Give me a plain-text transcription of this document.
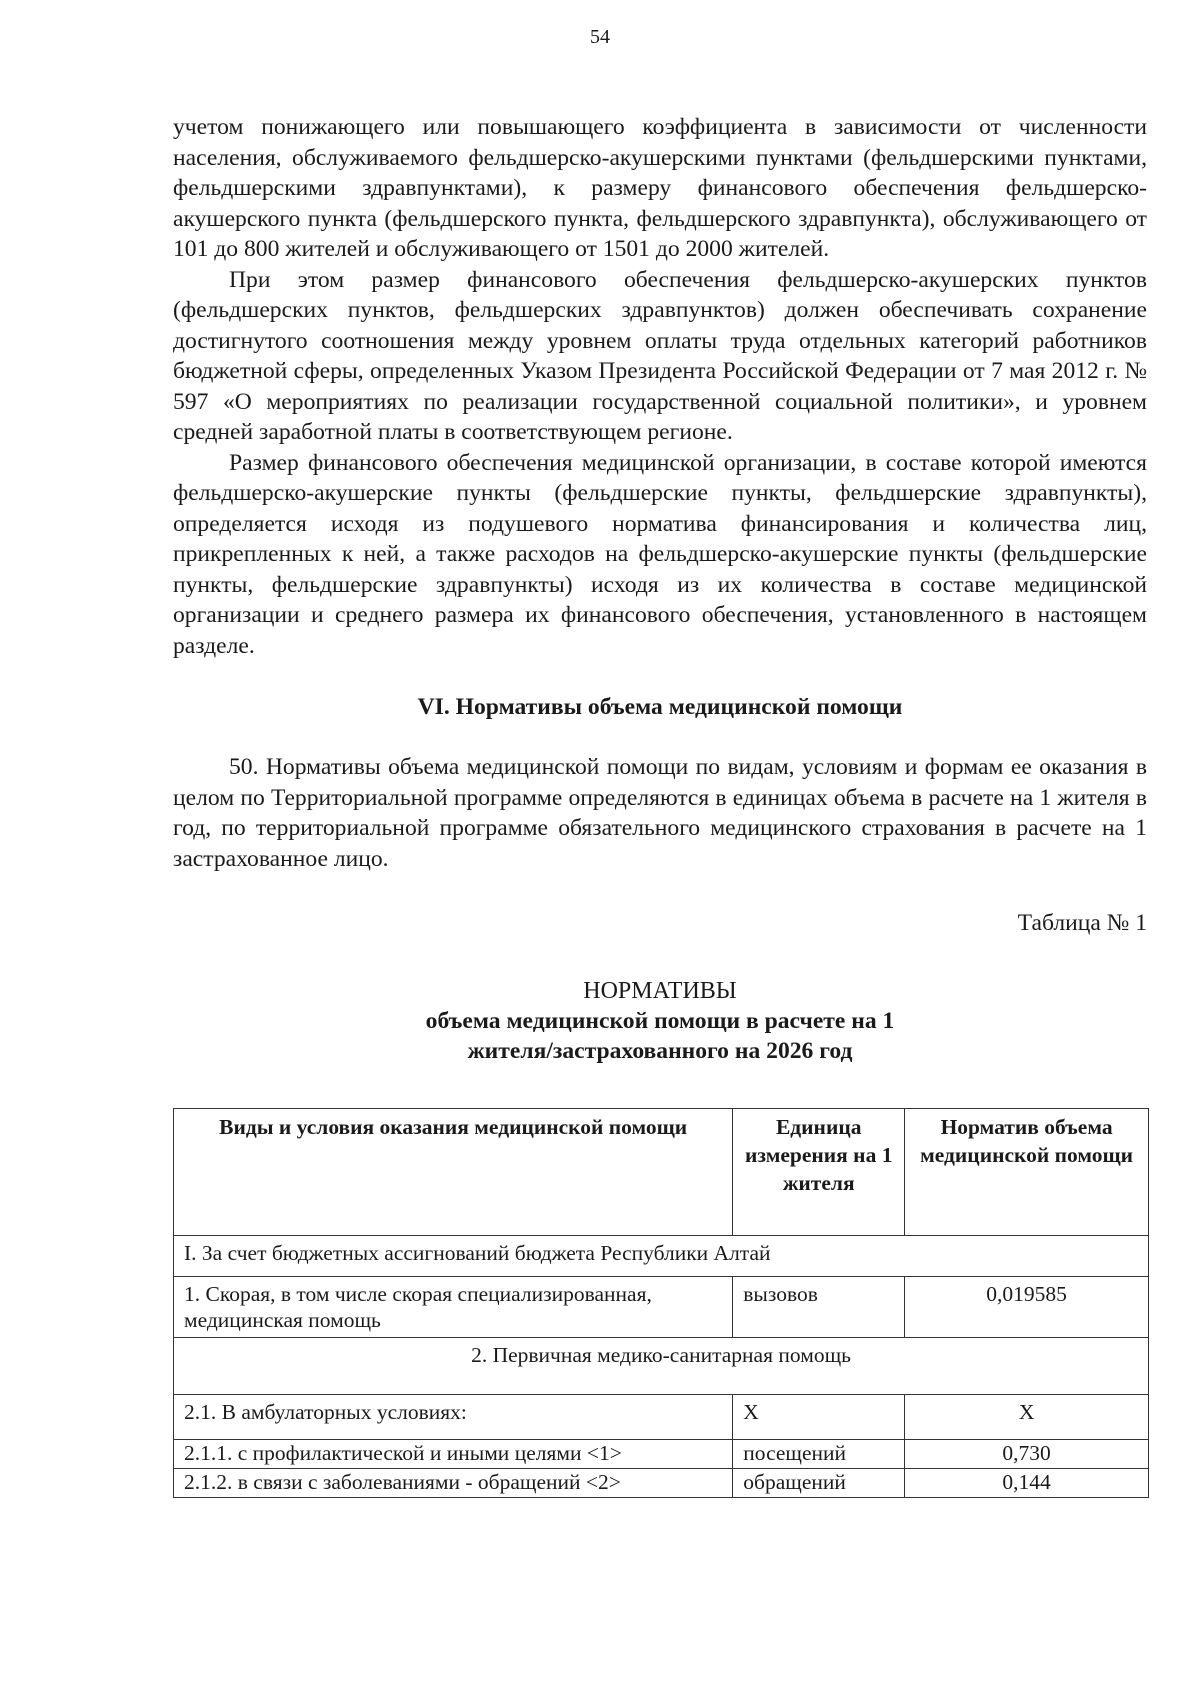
54

учетом понижающего или повышающего коэффициента в зависимости от численности населения, обслуживаемого фельдшерско-акушерскими пунктами (фельдшерскими пунктами, фельдшерскими здравпунктами), к размеру финансового обеспечения фельдшерско-акушерского пункта (фельдшерского пункта, фельдшерского здравпункта), обслуживающего от 101 до 800 жителей и обслуживающего от 1501 до 2000 жителей.

При этом размер финансового обеспечения фельдшерско-акушерских пунктов (фельдшерских пунктов, фельдшерских здравпунктов) должен обеспечивать сохранение достигнутого соотношения между уровнем оплаты труда отдельных категорий работников бюджетной сферы, определенных Указом Президента Российской Федерации от 7 мая 2012 г. № 597 «О мероприятиях по реализации государственной социальной политики», и уровнем средней заработной платы в соответствующем регионе.

Размер финансового обеспечения медицинской организации, в составе которой имеются фельдшерско-акушерские пункты (фельдшерские пункты, фельдшерские здравпункты), определяется исходя из подушевого норматива финансирования и количества лиц, прикрепленных к ней, а также расходов на фельдшерско-акушерские пункты (фельдшерские пункты, фельдшерские здравпункты) исходя из их количества в составе медицинской организации и среднего размера их финансового обеспечения, установленного в настоящем разделе.

VI. Нормативы объема медицинской помощи

50. Нормативы объема медицинской помощи по видам, условиям и формам ее оказания в целом по Территориальной программе определяются в единицах объема в расчете на 1 жителя в год, по территориальной программе обязательного медицинского страхования в расчете на 1 застрахованное лицо.

Таблица № 1
НОРМАТИВЫ
объема медицинской помощи в расчете на 1 жителя/застрахованного на 2026 год
Виды и условия оказания медицинской помощи	Единица измерения на 1 жителя	Норматив объема медицинской помощи
I. За счет бюджетных ассигнований бюджета Республики Алтай		
1. Скорая, в том числе скорая специализированная, медицинская помощь	вызовов	0,019585
2. Первичная медико-санитарная помощь		
2.1. В амбулаторных условиях:	Х	Х
2.1.1. с профилактической и иными целями <1>	посещений	0,730
2.1.2. в связи с заболеваниями - обращений <2>	обращений	0,144
